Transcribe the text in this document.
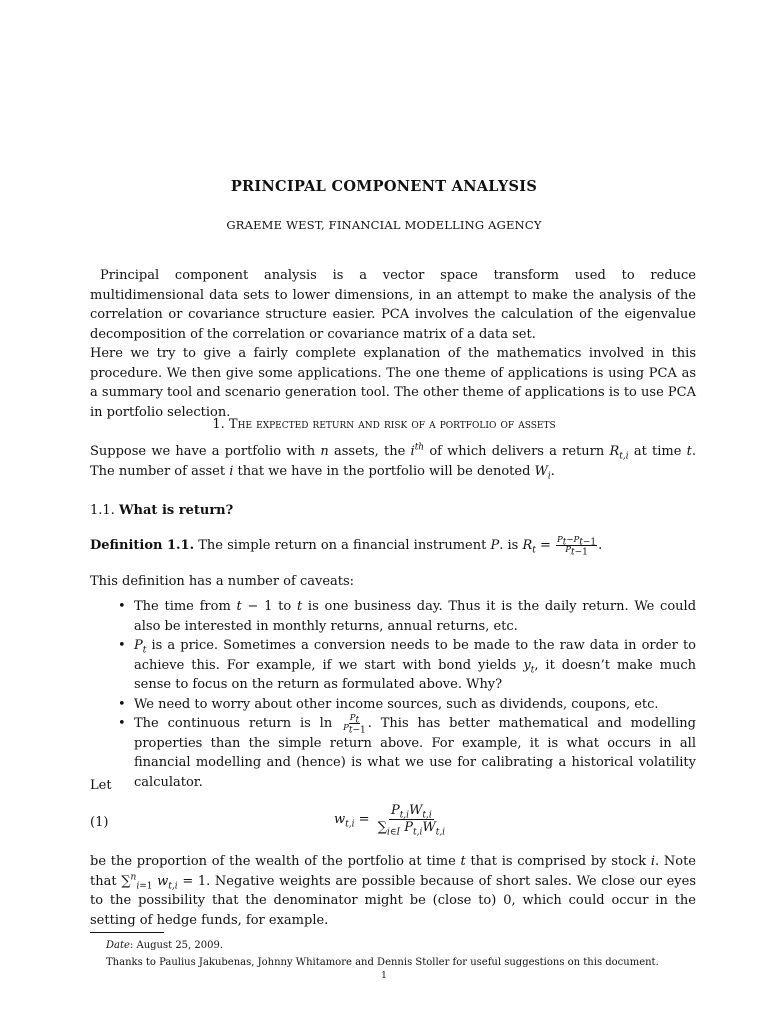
PRINCIPAL COMPONENT ANALYSIS
GRAEME WEST, FINANCIAL MODELLING AGENCY

Principal component analysis is a vector space transform used to reduce multidimensional data sets to lower dimensions, in an attempt to make the analysis of the correlation or covariance structure easier. PCA involves the calculation of the eigenvalue decomposition of the correlation or covariance matrix of a data set.

Here we try to give a fairly complete explanation of the mathematics involved in this procedure. We then give some applications. The one theme of applications is using PCA as a summary tool and scenario generation tool. The other theme of applications is to use PCA in portfolio selection.

1. The expected return and risk of a portfolio of assets

Suppose we have a portfolio with n assets, the $i^{th}$ of which delivers a return $R_{t,i}$ at time t. The number of asset i that we have in the portfolio will be denoted $W_i$.

1.1. What is return?
Definition 1.1. The simple return on a financial instrument P. is $R_t = \frac{P_t-P_{t-1}}{P_{t-1}}$ .

This definition has a number of caveats:

• The time from t − 1 to t is one business day. Thus it is the daily return. We could also be interested in monthly returns, annual returns, etc.
• $P_t$ is a price. Sometimes a conversion needs to be made to the raw data in order to achieve this. For example, if we start with bond yields $y_t$, it doesn’t make much sense to focus on the return as formulated above. Why?
• We need to worry about other income sources, such as dividends, coupons, etc.
• The continuous return is $\ln \frac{P_t}{P_{t-1}}$ . This has better mathematical and modelling properties than the simple return above. For example, it is what occurs in all financial modelling and (hence) is what we use for calibrating a historical volatility calculator.
Let
(1)	$w_{t,i} = \frac{P_{t,i}W_{t,i}}{\sum_{i\in I} P_{t,i}W_{t,i}}$

be the proportion of the wealth of the portfolio at time t that is comprised by stock i. Note that ∑$^n_{i=1}$ $w_{t,i} = 1$. Negative weights are possible because of short sales. We close our eyes to the possibility that the denominator might be (close to) 0, which could occur in the setting of hedge funds, for example.

Date: August 25, 2009.
Thanks to Paulius Jakubenas, Johnny Whitamore and Dennis Stoller for useful suggestions on this document.
1
